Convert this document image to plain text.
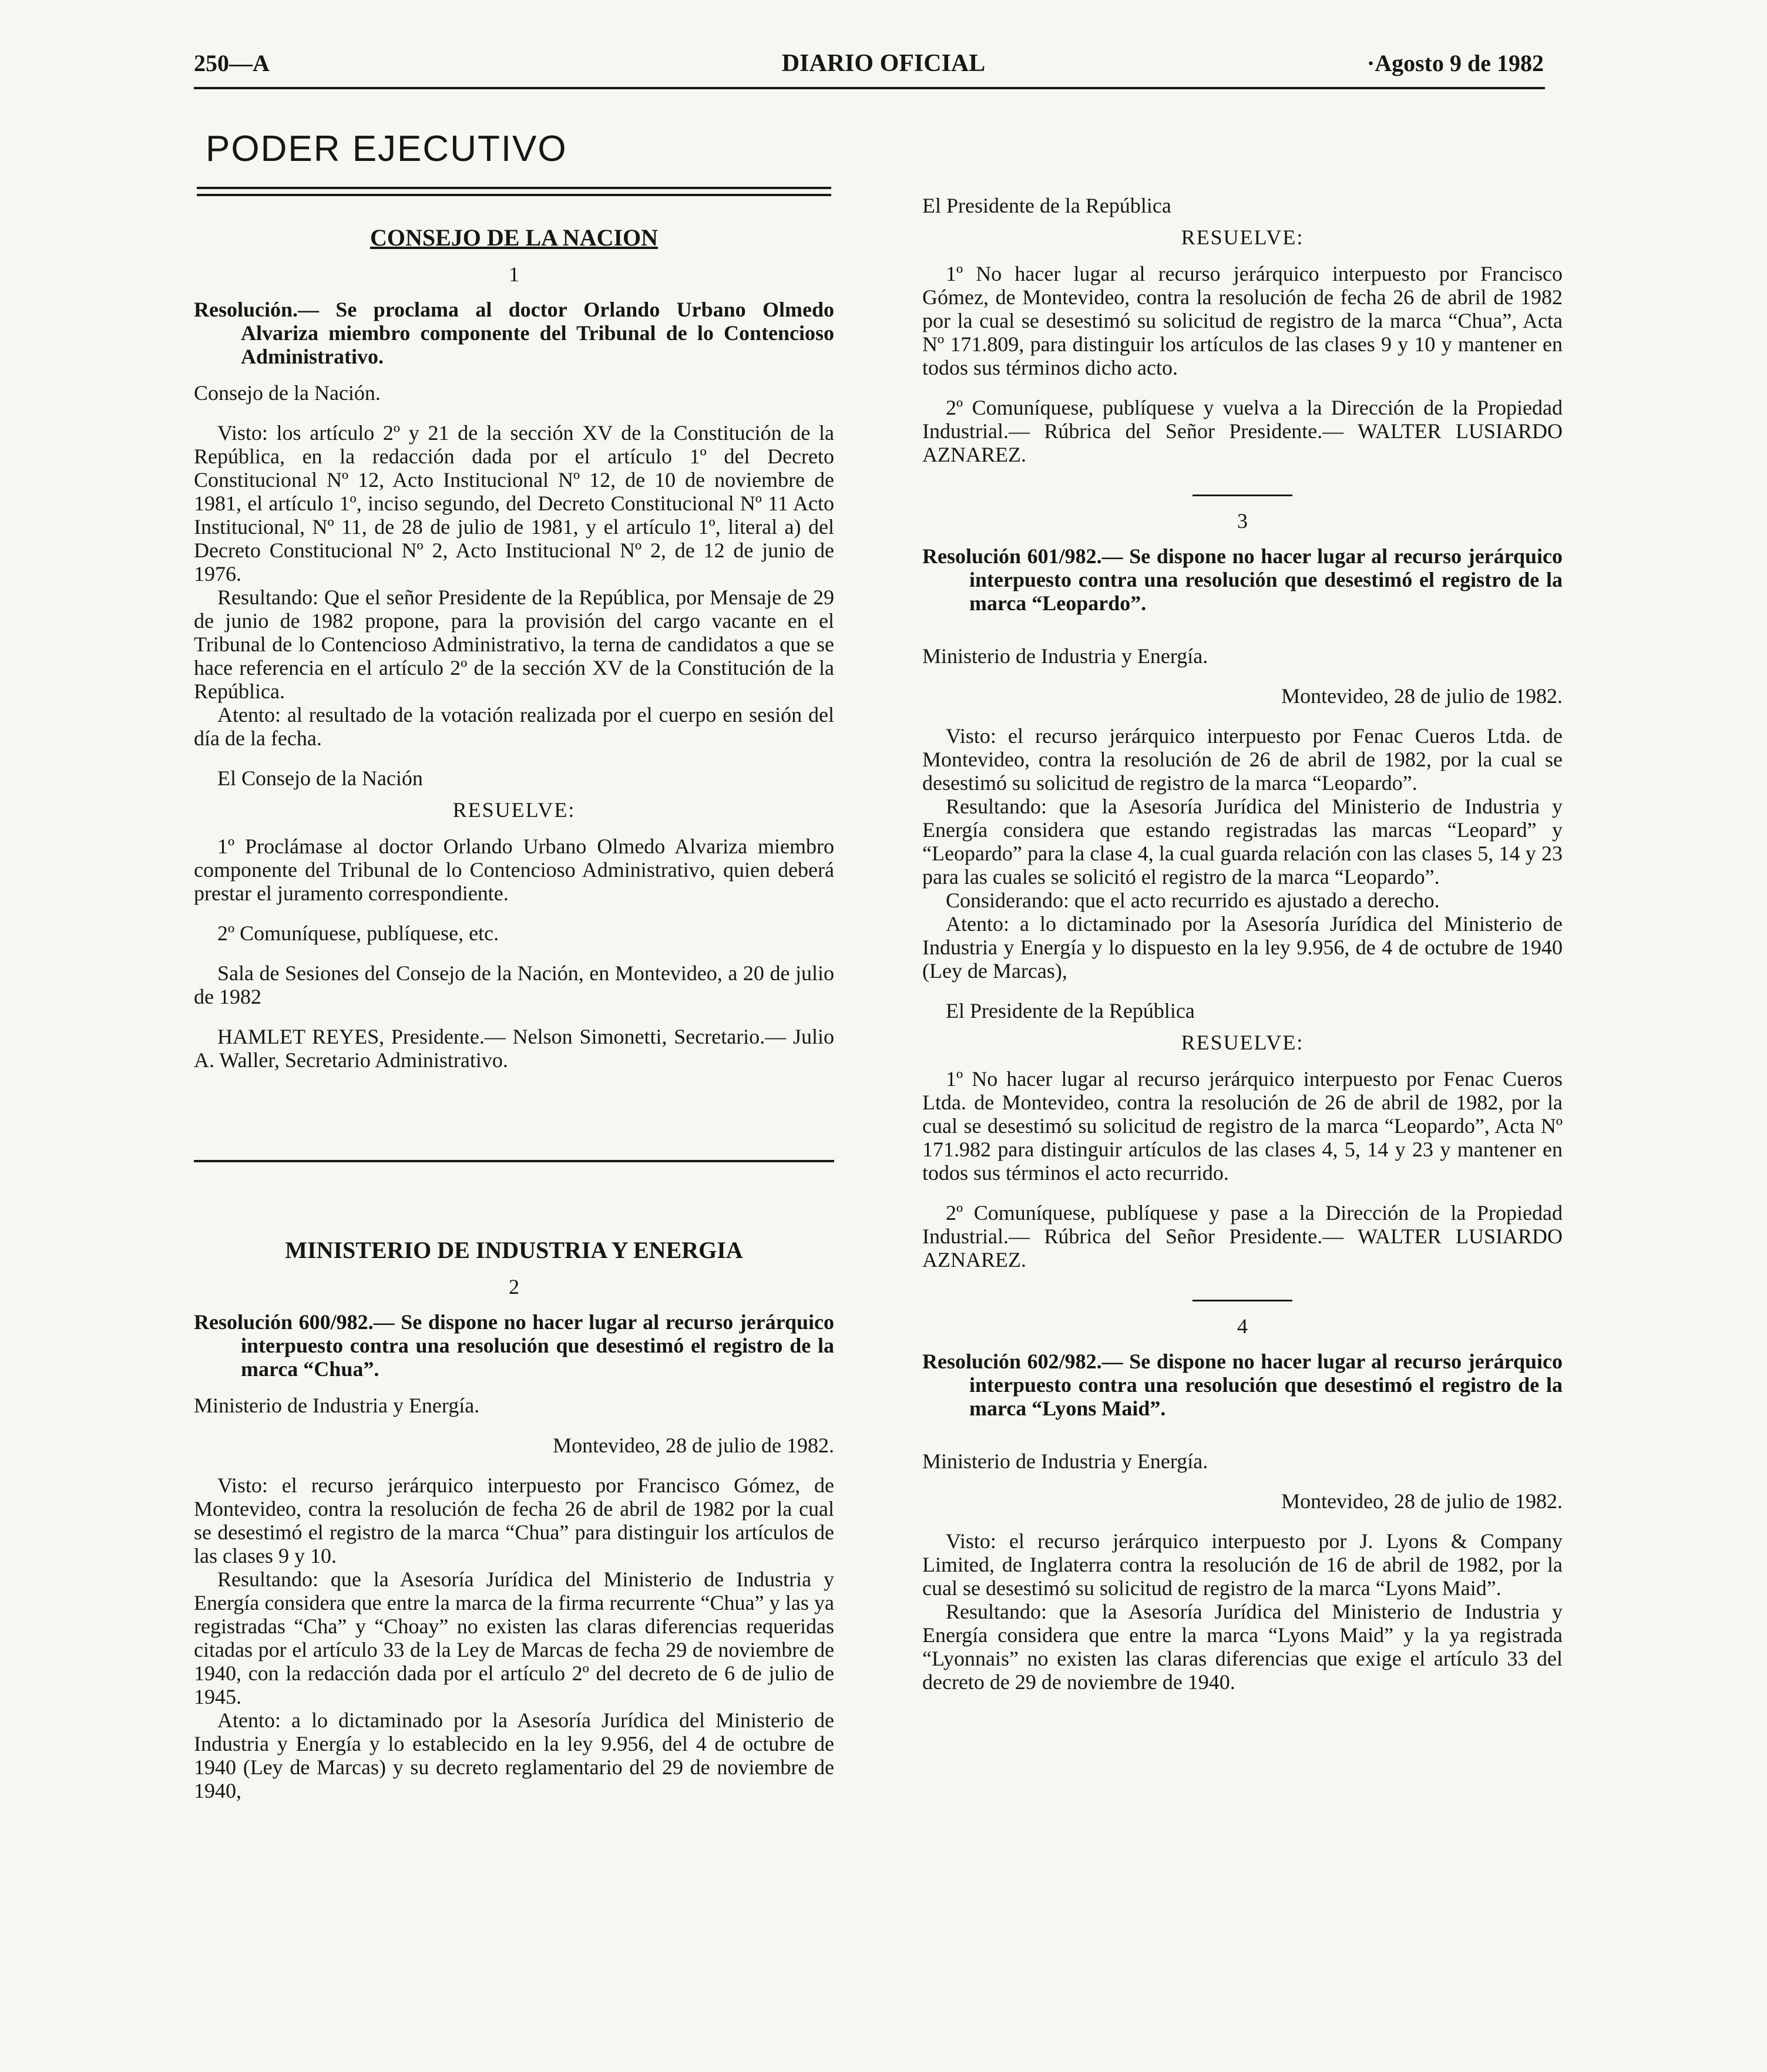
250—A	DIARIO OFICIAL	·Agosto 9 de 1982
PODER EJECUTIVO

CONSEJO DE LA NACION

1

Resolución.— Se proclama al doctor Orlando Urbano Olmedo Alvariza miembro componente del Tribunal de lo Contencioso Administrativo.

Consejo de la Nación.

Visto: los artículo 2º y 21 de la sección XV de la Constitución de la República, en la redacción dada por el artículo 1º del Decreto Constitucional Nº 12, Acto Institucional Nº 12, de 10 de noviembre de 1981, el artículo 1º, inciso segundo, del Decreto Constitucional Nº 11 Acto Institucional, Nº 11, de 28 de julio de 1981, y el artículo 1º, literal a) del Decreto Constitucional Nº 2, Acto Institucional Nº 2, de 12 de junio de 1976.

Resultando: Que el señor Presidente de la República, por Mensaje de 29 de junio de 1982 propone, para la provisión del cargo vacante en el Tribunal de lo Contencioso Administrativo, la terna de candidatos a que se hace referencia en el artículo 2º de la sección XV de la Constitución de la República.

Atento: al resultado de la votación realizada por el cuerpo en sesión del día de la fecha.

El Consejo de la Nación

RESUELVE:

1º Proclámase al doctor Orlando Urbano Olmedo Alvariza miembro componente del Tribunal de lo Contencioso Administrativo, quien deberá prestar el juramento correspondiente.

2º Comuníquese, publíquese, etc.

Sala de Sesiones del Consejo de la Nación, en Montevideo, a 20 de julio de 1982

HAMLET REYES, Presidente.— Nelson Simonetti, Secretario.— Julio A. Waller, Secretario Administrativo.

MINISTERIO DE INDUSTRIA Y ENERGIA

2

Resolución 600/982.— Se dispone no hacer lugar al recurso jerárquico interpuesto contra una resolución que desestimó el registro de la marca “Chua”.

Ministerio de Industria y Energía.

Montevideo, 28 de julio de 1982.

Visto: el recurso jerárquico interpuesto por Francisco Gómez, de Montevideo, contra la resolución de fecha 26 de abril de 1982 por la cual se desestimó el registro de la marca “Chua” para distinguir los artículos de las clases 9 y 10.

Resultando: que la Asesoría Jurídica del Ministerio de Industria y Energía considera que entre la marca de la firma recurrente “Chua” y las ya registradas “Cha” y “Choay” no existen las claras diferencias requeridas citadas por el artículo 33 de la Ley de Marcas de fecha 29 de noviembre de 1940, con la redacción dada por el artículo 2º del decreto de 6 de julio de 1945.

Atento: a lo dictaminado por la Asesoría Jurídica del Ministerio de Industria y Energía y lo establecido en la ley 9.956, del 4 de octubre de 1940 (Ley de Marcas) y su decreto reglamentario del 29 de noviembre de 1940,

El Presidente de la República

RESUELVE:

1º No hacer lugar al recurso jerárquico interpuesto por Francisco Gómez, de Montevideo, contra la resolución de fecha 26 de abril de 1982 por la cual se desestimó su solicitud de registro de la marca “Chua”, Acta Nº 171.809, para distinguir los artículos de las clases 9 y 10 y mantener en todos sus términos dicho acto.

2º Comuníquese, publíquese y vuelva a la Dirección de la Propiedad Industrial.— Rúbrica del Señor Presidente.— WALTER LUSIARDO AZNAREZ.

3

Resolución 601/982.— Se dispone no hacer lugar al recurso jerárquico interpuesto contra una resolución que desestimó el registro de la marca “Leopardo”.

Ministerio de Industria y Energía.

Montevideo, 28 de julio de 1982.

Visto: el recurso jerárquico interpuesto por Fenac Cueros Ltda. de Montevideo, contra la resolución de 26 de abril de 1982, por la cual se desestimó su solicitud de registro de la marca “Leopardo”.

Resultando: que la Asesoría Jurídica del Ministerio de Industria y Energía considera que estando registradas las marcas “Leopard” y “Leopardo” para la clase 4, la cual guarda relación con las clases 5, 14 y 23 para las cuales se solicitó el registro de la marca “Leopardo”.

Considerando: que el acto recurrido es ajustado a derecho.

Atento: a lo dictaminado por la Asesoría Jurídica del Ministerio de Industria y Energía y lo dispuesto en la ley 9.956, de 4 de octubre de 1940 (Ley de Marcas),

El Presidente de la República

RESUELVE:

1º No hacer lugar al recurso jerárquico interpuesto por Fenac Cueros Ltda. de Montevideo, contra la resolución de 26 de abril de 1982, por la cual se desestimó su solicitud de registro de la marca “Leopardo”, Acta Nº 171.982 para distinguir artículos de las clases 4, 5, 14 y 23 y mantener en todos sus términos el acto recurrido.

2º Comuníquese, publíquese y pase a la Dirección de la Propiedad Industrial.— Rúbrica del Señor Presidente.— WALTER LUSIARDO AZNAREZ.

4

Resolución 602/982.— Se dispone no hacer lugar al recurso jerárquico interpuesto contra una resolución que desestimó el registro de la marca “Lyons Maid”.

Ministerio de Industria y Energía.

Montevideo, 28 de julio de 1982.

Visto: el recurso jerárquico interpuesto por J. Lyons & Company Limited, de Inglaterra contra la resolución de 16 de abril de 1982, por la cual se desestimó su solicitud de registro de la marca “Lyons Maid”.

Resultando: que la Asesoría Jurídica del Ministerio de Industria y Energía considera que entre la marca “Lyons Maid” y la ya registrada “Lyonnais” no existen las claras diferencias que exige el artículo 33 del decreto de 29 de noviembre de 1940.
